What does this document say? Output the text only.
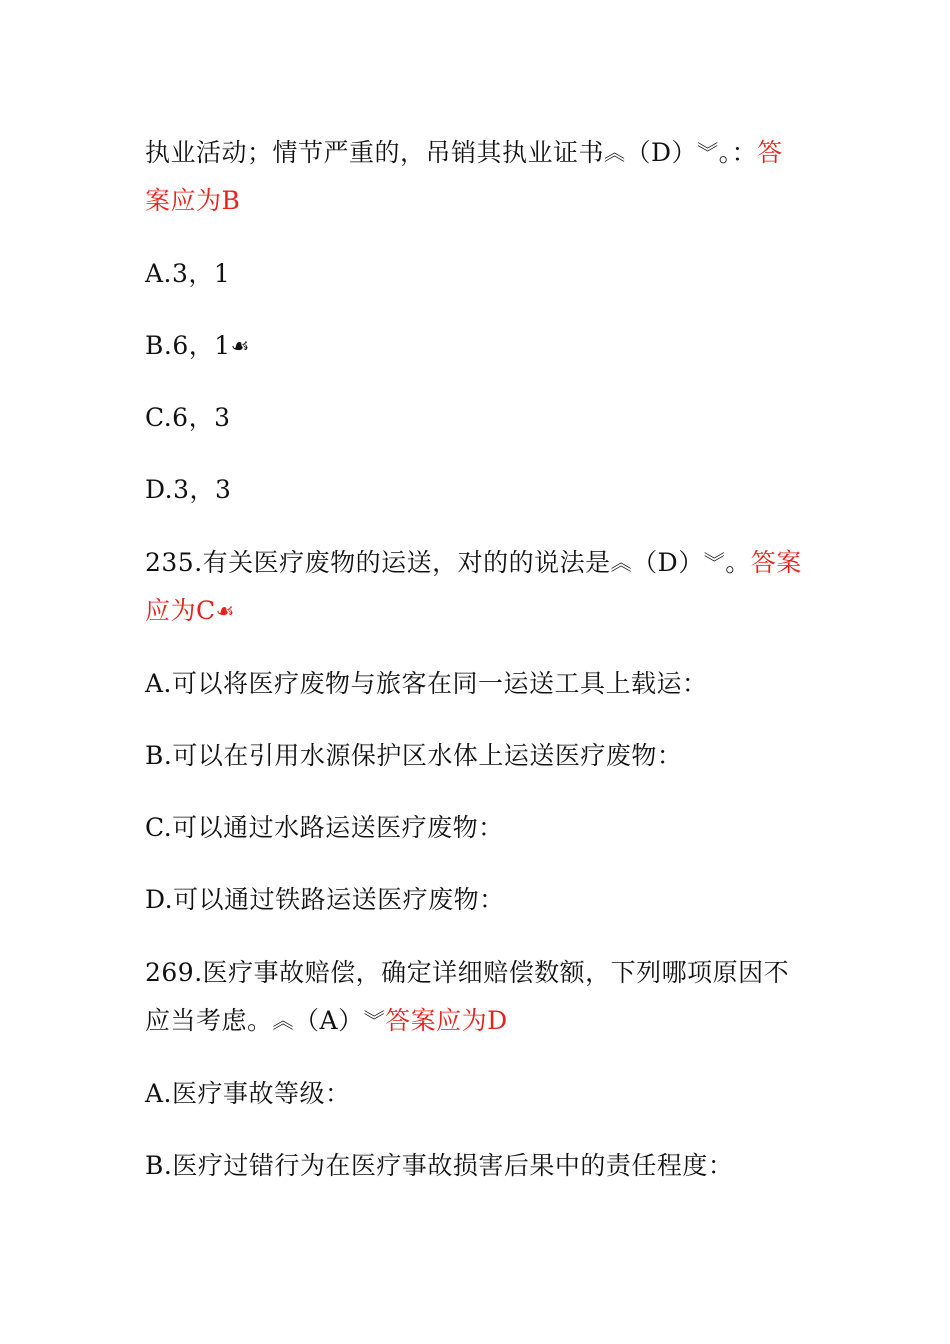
执业活动；情节严重的，吊销其执业证书︽（D）︾。：答
案应为B
A.3，1
B.6，1☙
C.6，3
D.3，3
235.有关医疗废物的运送，对的的说法是︽（D）︾。答案
应为C☙
A.可以将医疗废物与旅客在同一运送工具上载运：
B.可以在引用水源保护区水体上运送医疗废物：
C.可以通过水路运送医疗废物：
D.可以通过铁路运送医疗废物：
269.医疗事故赔偿，确定详细赔偿数额，下列哪项原因不
应当考虑。︽（A）︾答案应为D
A.医疗事故等级：
B.医疗过错行为在医疗事故损害后果中的责任程度：
